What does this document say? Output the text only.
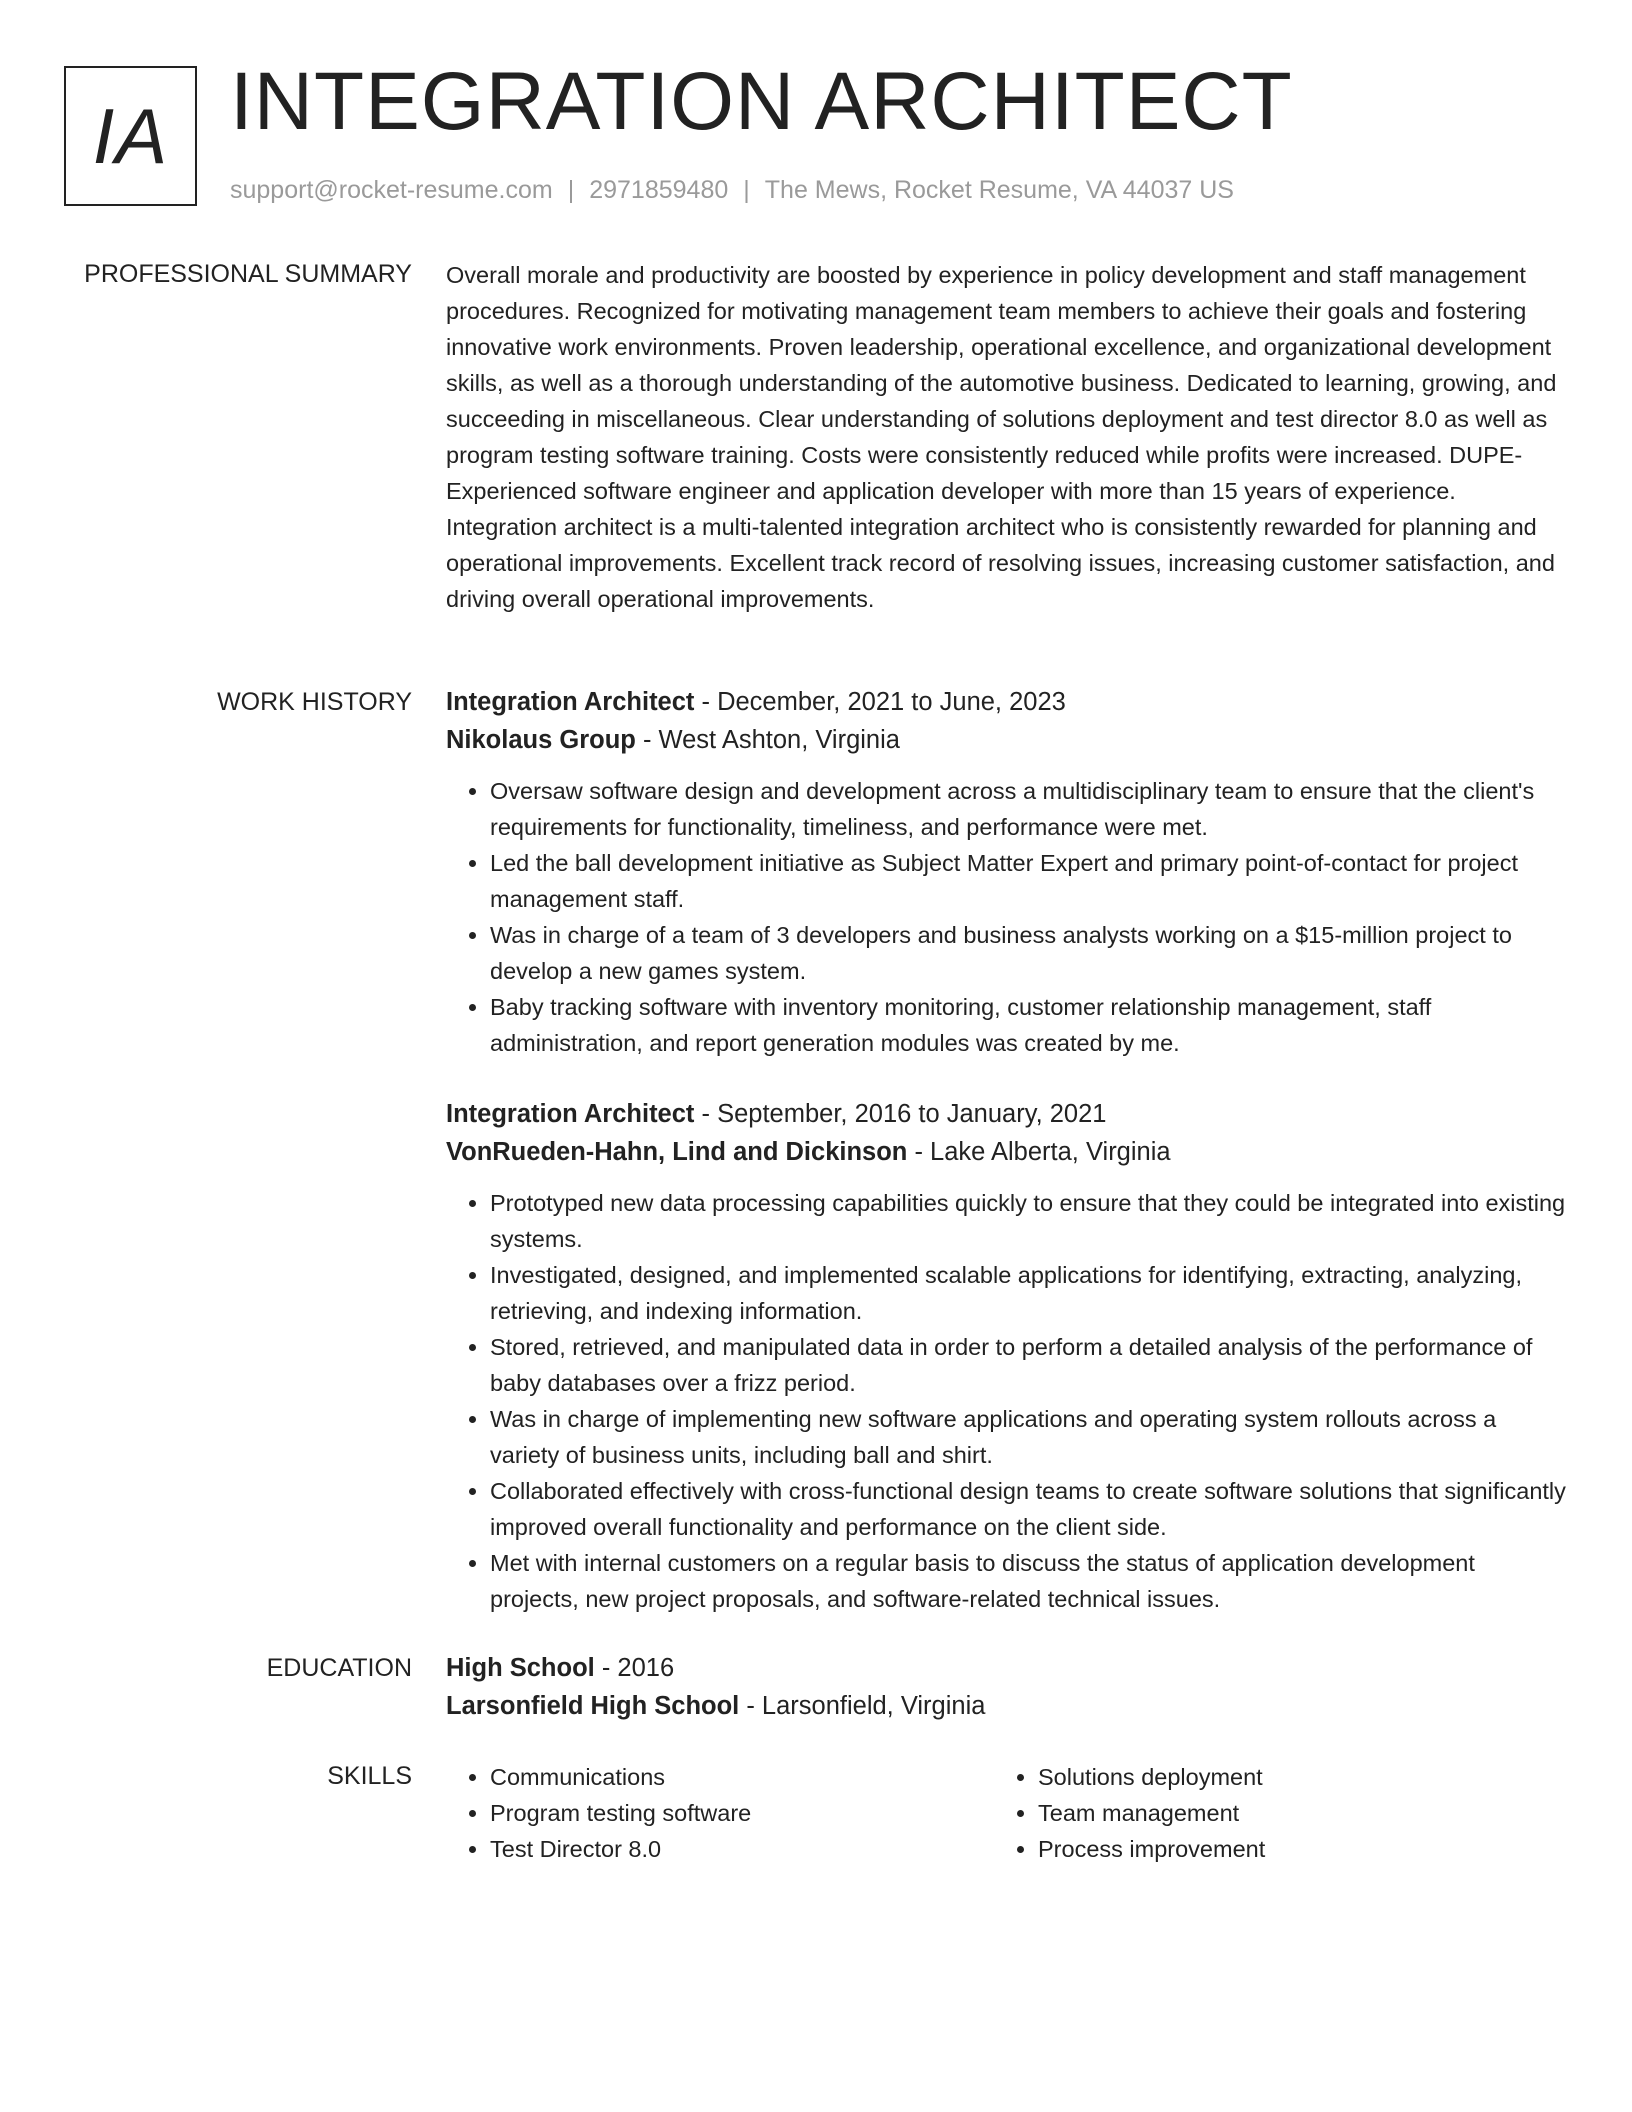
IA INTEGRATION ARCHITECT

support@rocket-resume.com | 2971859480 | The Mews, Rocket Resume, VA 44037 US

PROFESSIONAL SUMMARY Overall morale and productivity are boosted by experience in policy development and staff management procedures. Recognized for motivating management team members to achieve their goals and fostering innovative work environments. Proven leadership, operational excellence, and organizational development skills, as well as a thorough understanding of the automotive business. Dedicated to learning, growing, and succeeding in miscellaneous. Clear understanding of solutions deployment and test director 8.0 as well as program testing software training. Costs were consistently reduced while profits were increased. DUPE- Experienced software engineer and application developer with more than 15 years of experience. Integration architect is a multi-talented integration architect who is consistently rewarded for planning and operational improvements. Excellent track record of resolving issues, increasing customer satisfaction, and driving overall operational improvements.

WORK HISTORY Integration Architect - December, 2021 to June, 2023
Nikolaus Group - West Ashton, Virginia
• Oversaw software design and development across a multidisciplinary team to ensure that the client's requirements for functionality, timeliness, and performance were met.
• Led the ball development initiative as Subject Matter Expert and primary point-of-contact for project management staff.
• Was in charge of a team of 3 developers and business analysts working on a $15-million project to develop a new games system.
• Baby tracking software with inventory monitoring, customer relationship management, staff administration, and report generation modules was created by me.
Integration Architect - September, 2016 to January, 2021
VonRueden-Hahn, Lind and Dickinson - Lake Alberta, Virginia
• Prototyped new data processing capabilities quickly to ensure that they could be integrated into existing systems.
• Investigated, designed, and implemented scalable applications for identifying, extracting, analyzing, retrieving, and indexing information.
• Stored, retrieved, and manipulated data in order to perform a detailed analysis of the performance of baby databases over a frizz period.
• Was in charge of implementing new software applications and operating system rollouts across a variety of business units, including ball and shirt.
• Collaborated effectively with cross-functional design teams to create software solutions that significantly improved overall functionality and performance on the client side.
• Met with internal customers on a regular basis to discuss the status of application development projects, new project proposals, and software-related technical issues.
EDUCATION High School - 2016
Larsonfield High School - Larsonfield, Virginia
SKILLS
•	Communications
• Program testing software
• Test Director 8.0
• Solutions deployment
• Team management
• Process improvement
